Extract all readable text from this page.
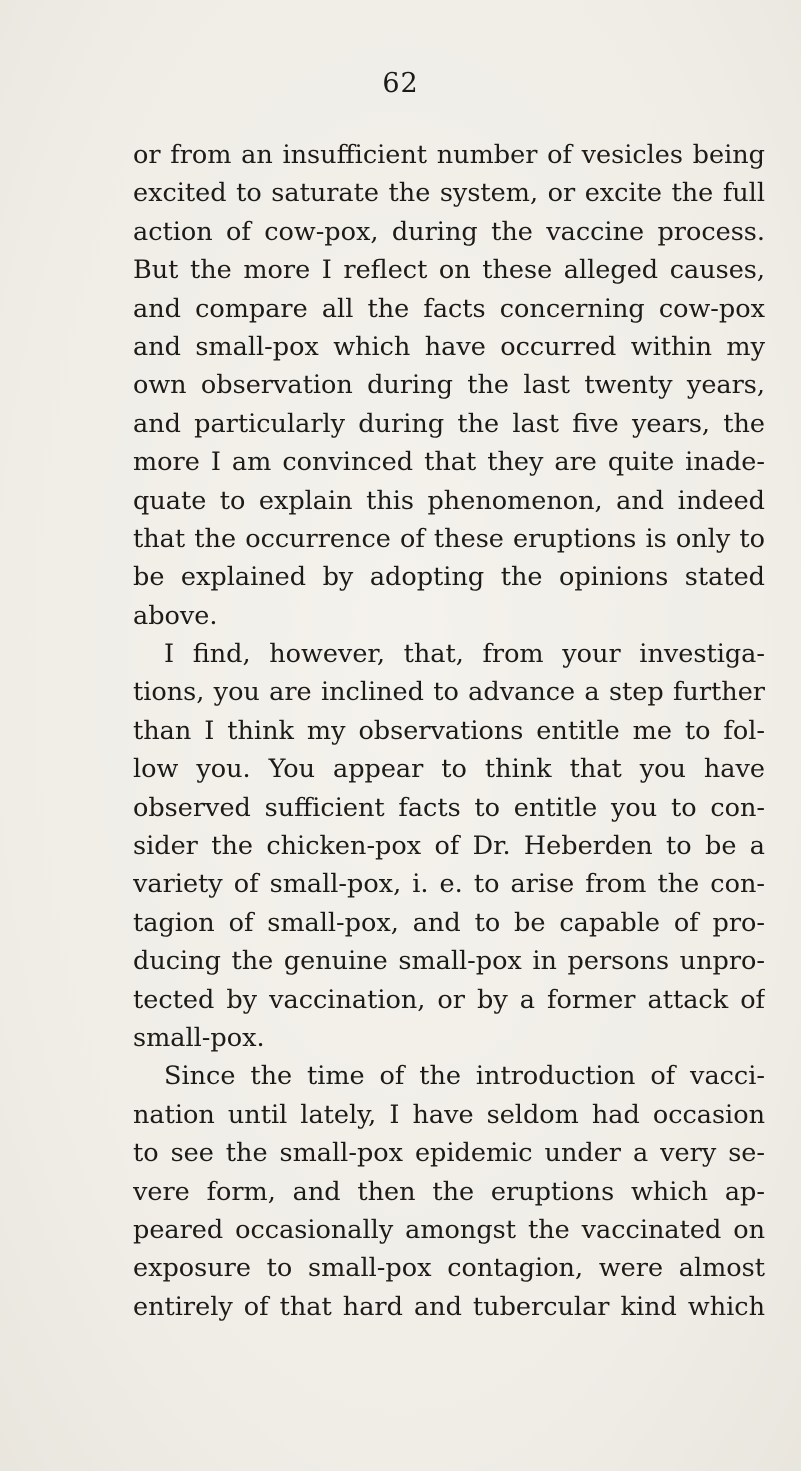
62
or from an insufficient number of vesicles being
excited to saturate the system, or excite the full
action of cow-pox, during the vaccine process.
But the more I reflect on these alleged causes,
and compare all the facts concerning cow-pox
and small-pox which have occurred within my
own observation during the last twenty years,
and particularly during the last five years, the
more I am convinced that they are quite inade-
quate to explain this phenomenon, and indeed
that the occurrence of these eruptions is only to
be explained by adopting the opinions stated
above.
I find, however, that, from your investiga-
tions, you are inclined to advance a step further
than I think my observations entitle me to fol-
low you. You appear to think that you have
observed sufficient facts to entitle you to con-
sider the chicken-pox of Dr. Heberden to be a
variety of small-pox, i. e. to arise from the con-
tagion of small-pox, and to be capable of pro-
ducing the genuine small-pox in persons unpro-
tected by vaccination, or by a former attack of
small-pox.
Since the time of the introduction of vacci-
nation until lately, I have seldom had occasion
to see the small-pox epidemic under a very se-
vere form, and then the eruptions which ap-
peared occasionally amongst the vaccinated on
exposure to small-pox contagion, were almost
entirely of that hard and tubercular kind which
